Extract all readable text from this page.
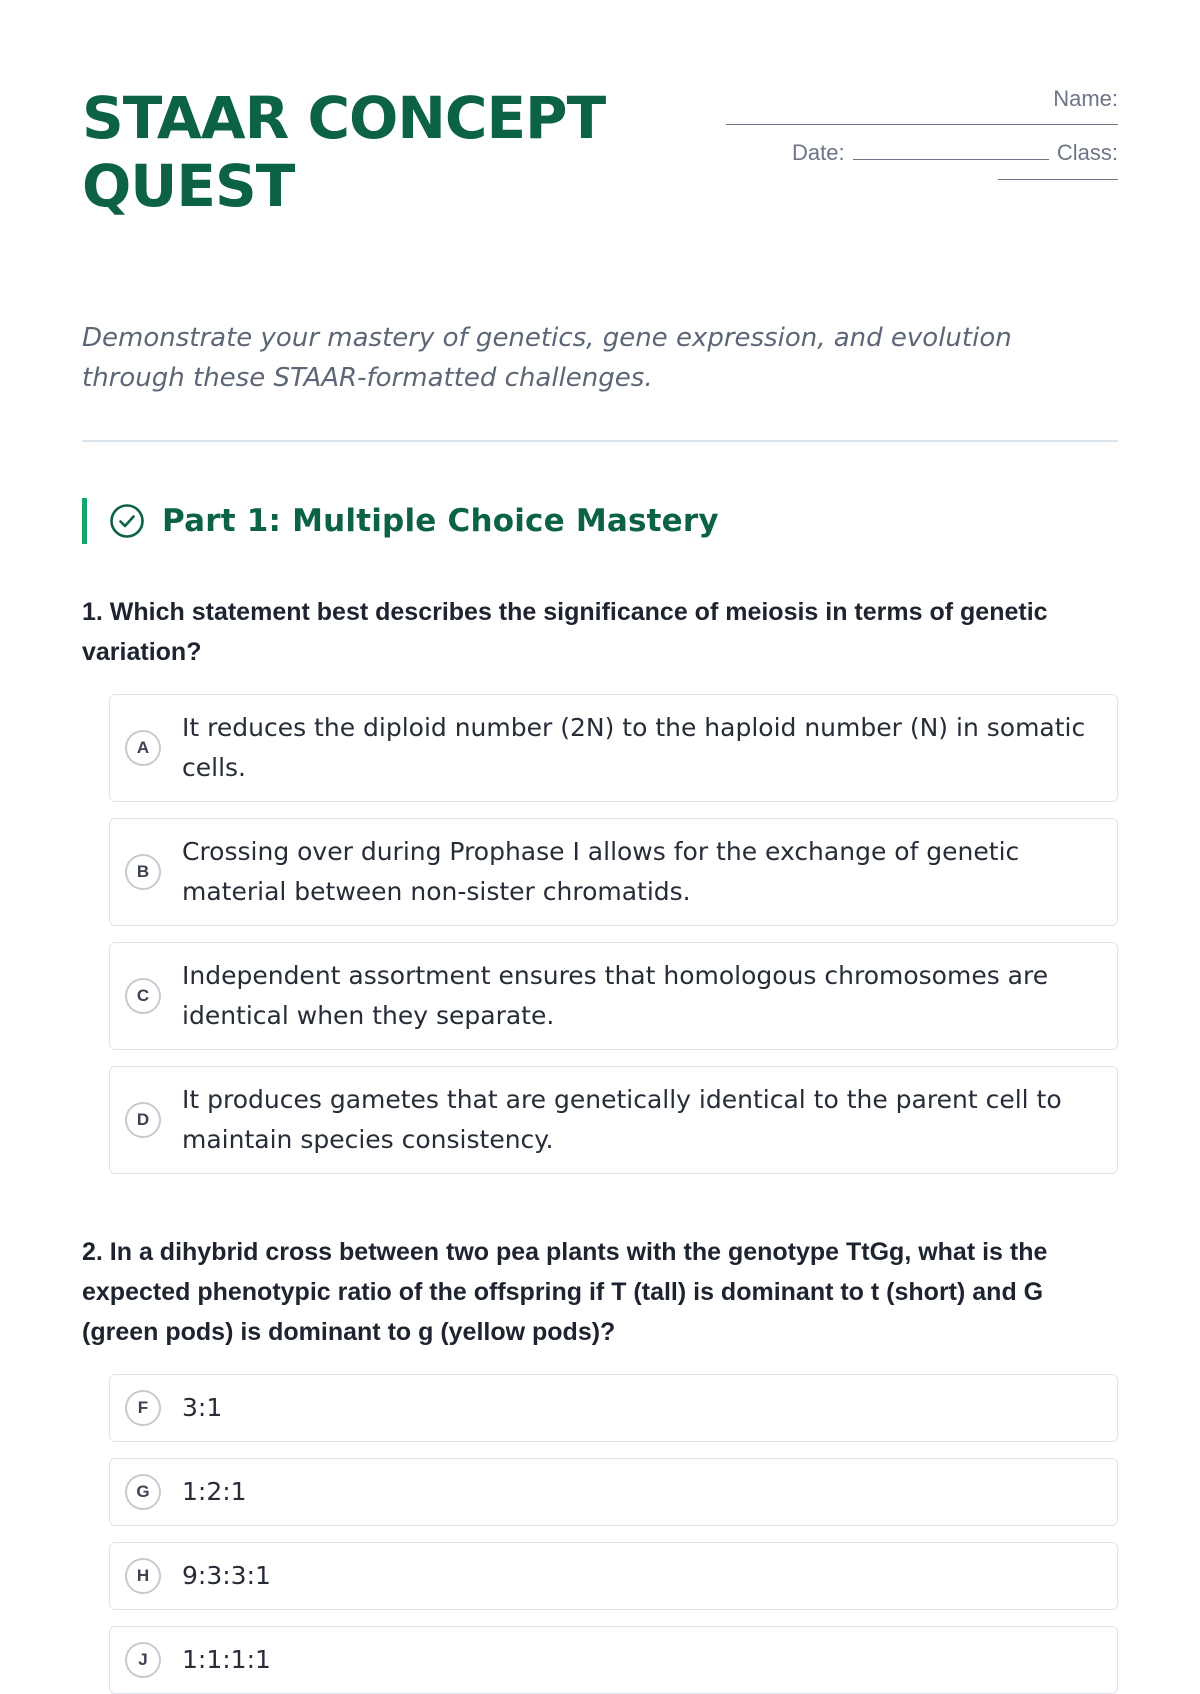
STAAR CONCEPT QUEST
Name:
Date:	Class:

Demonstrate your mastery of genetics, gene expression, and evolution through these STAAR-formatted challenges.

Part 1: Multiple Choice Mastery

1. Which statement best describes the significance of meiosis in terms of genetic variation?

A
It reduces the diploid number (2N) to the haploid number (N) in somatic cells.
B
Crossing over during Prophase I allows for the exchange of genetic material between non-sister chromatids.
C
Independent assortment ensures that homologous chromosomes are identical when they separate.
D
It produces gametes that are genetically identical to the parent cell to maintain species consistency.

2. In a dihybrid cross between two pea plants with the genotype TtGg, what is the expected phenotypic ratio of the offspring if T (tall) is dominant to t (short) and G (green pods) is dominant to g (yellow pods)?

F	3:1
G	1:2:1
H	9:3:3:1
J	1:1:1:1
